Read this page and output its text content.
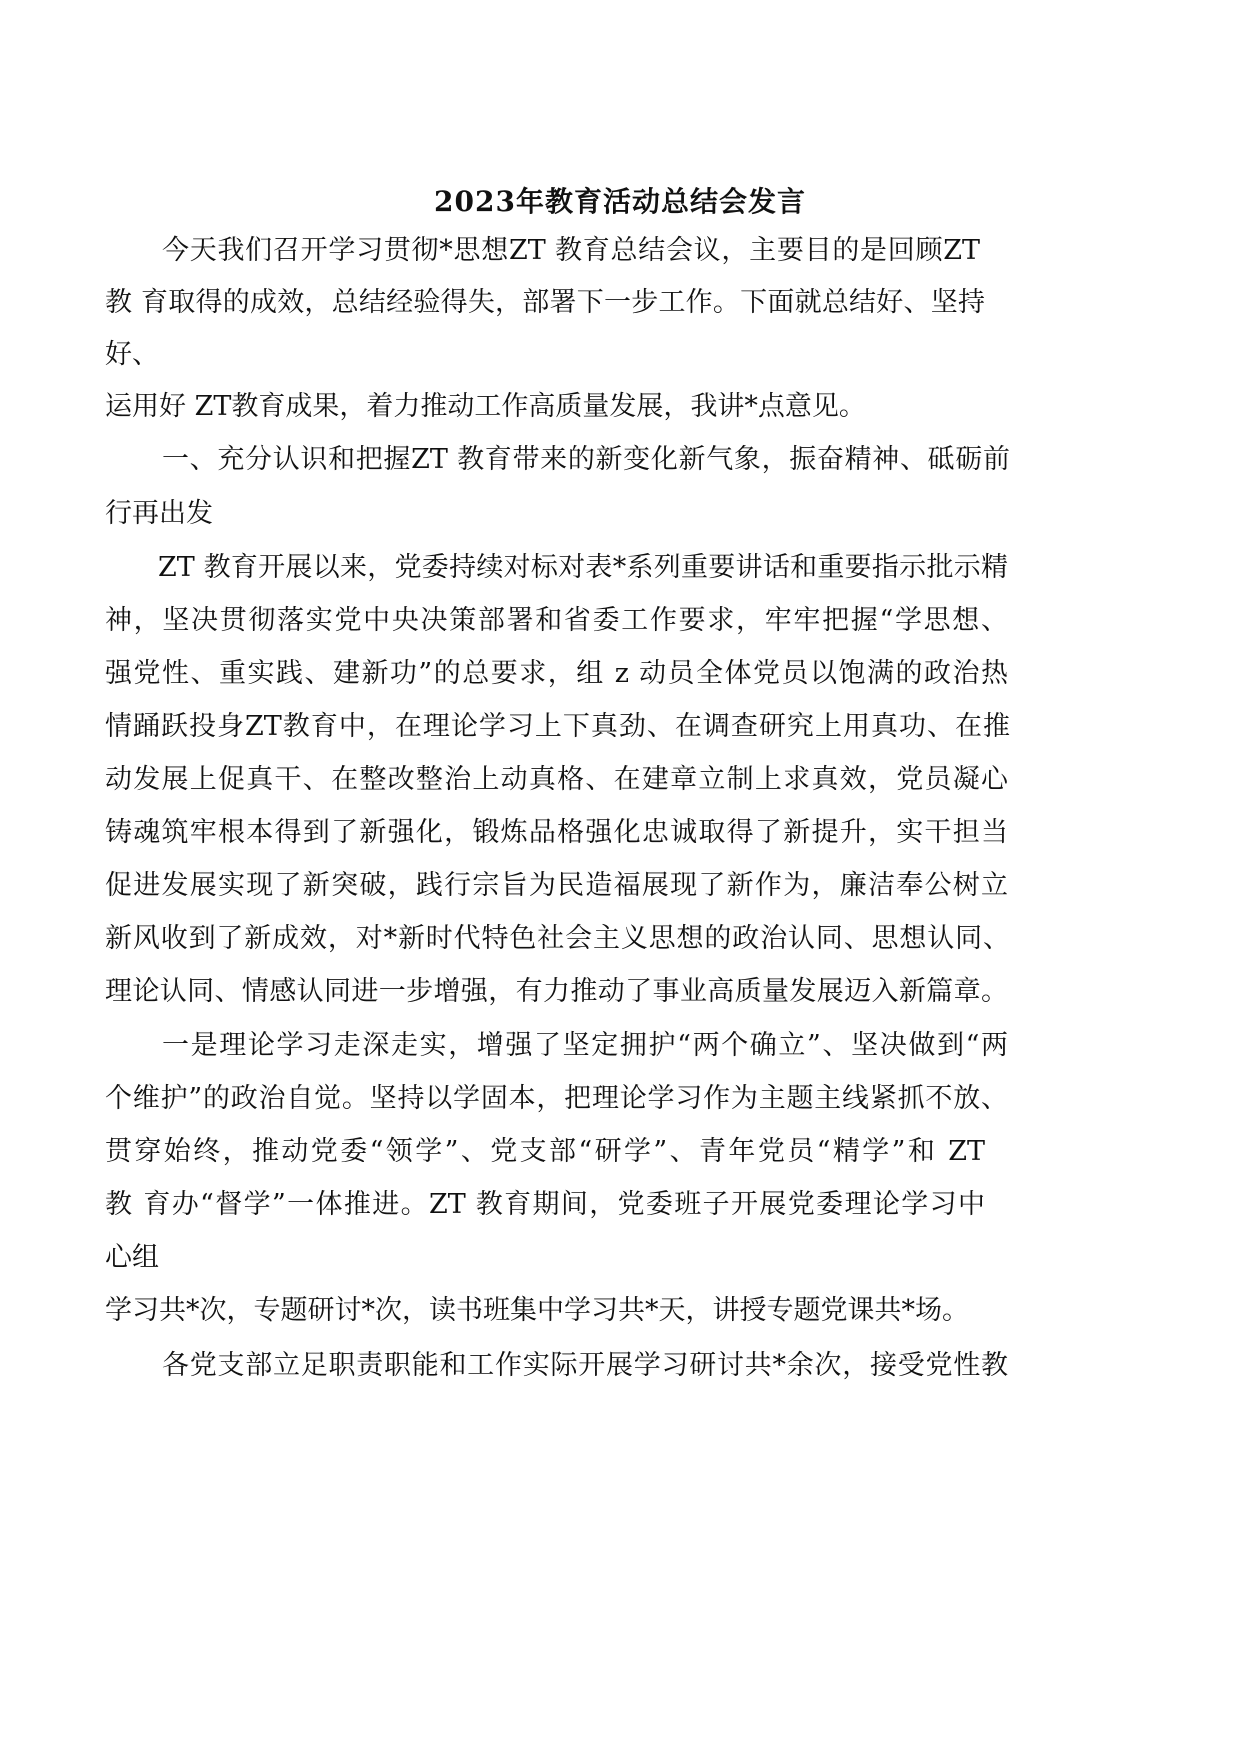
2023年教育活动总结会发言

今天我们召开学习贯彻*思想ZT 教育总结会议，主要目的是回顾ZT

教 育取得的成效，总结经验得失，部署下一步工作。下面就总结好、坚持

好、

运用好 ZT教育成果，着力推动工作高质量发展，我讲*点意见。

一、充分认识和把握ZT 教育带来的新变化新气象，振奋精神、砥砺前

行再出发

ZT 教育开展以来，党委持续对标对表*系列重要讲话和重要指示批示精

神，坚决贯彻落实党中央决策部署和省委工作要求，牢牢把握“学思想、

强党性、重实践、建新功”的总要求，组 z 动员全体党员以饱满的政治热

情踊跃投身ZT教育中，在理论学习上下真劲、在调查研究上用真功、在推

动发展上促真干、在整改整治上动真格、在建章立制上求真效，党员凝心

铸魂筑牢根本得到了新强化，锻炼品格强化忠诚取得了新提升，实干担当

促进发展实现了新突破，践行宗旨为民造福展现了新作为，廉洁奉公树立

新风收到了新成效，对*新时代特色社会主义思想的政治认同、思想认同、

理论认同、情感认同进一步增强，有力推动了事业高质量发展迈入新篇章。

一是理论学习走深走实，增强了坚定拥护“两个确立”、坚决做到“两

个维护”的政治自觉。坚持以学固本，把理论学习作为主题主线紧抓不放、

贯穿始终，推动党委“领学”、党支部“研学”、青年党员“精学”和 ZT

教 育办“督学”一体推进。ZT 教育期间，党委班子开展党委理论学习中

心组

学习共*次，专题研讨*次，读书班集中学习共*天，讲授专题党课共*场。

各党支部立足职责职能和工作实际开展学习研讨共*余次，接受党性教
